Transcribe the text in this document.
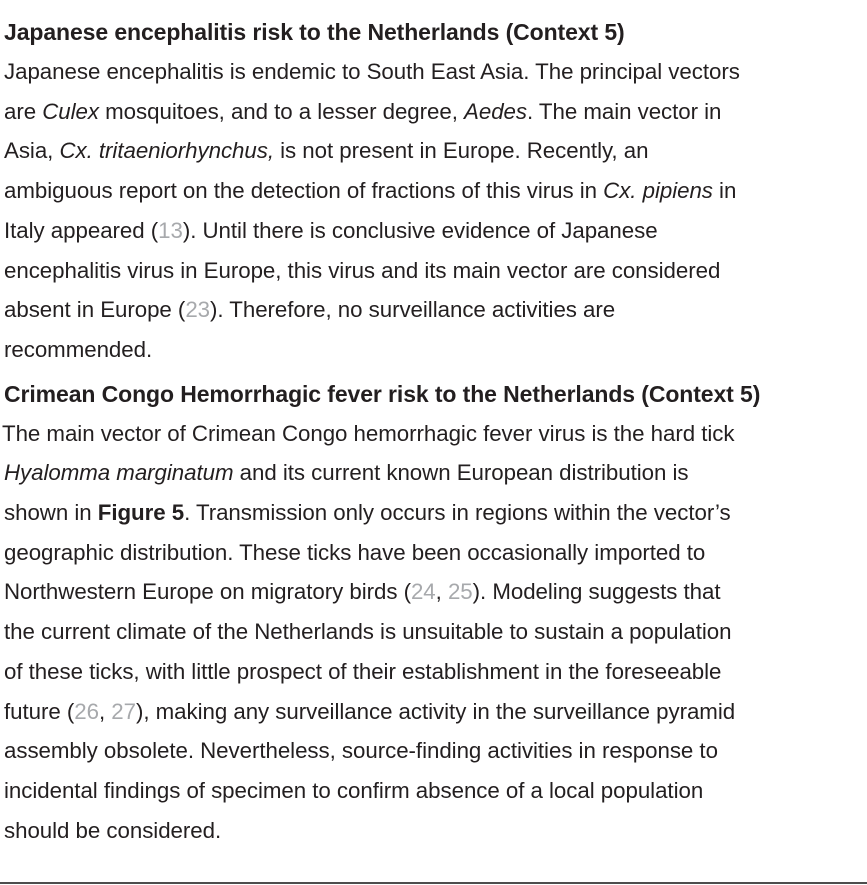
Japanese encephalitis risk to the Netherlands (Context 5)

Japanese encephalitis is endemic to South East Asia. The principal vectors
are Culex mosquitoes, and to a lesser degree, Aedes. The main vector in
Asia, Cx. tritaeniorhynchus, is not present in Europe. Recently, an
ambiguous report on the detection of fractions of this virus in Cx. pipiens in
Italy appeared (13). Until there is conclusive evidence of Japanese
encephalitis virus in Europe, this virus and its main vector are considered
absent in Europe (23). Therefore, no surveillance activities are
recommended.

Crimean Congo Hemorrhagic fever risk to the Netherlands (Context 5)

The main vector of Crimean Congo hemorrhagic fever virus is the hard tick
Hyalomma marginatum and its current known European distribution is
shown in Figure 5. Transmission only occurs in regions within the vector’s
geographic distribution. These ticks have been occasionally imported to
Northwestern Europe on migratory birds (24, 25). Modeling suggests that
the current climate of the Netherlands is unsuitable to sustain a population
of these ticks, with little prospect of their establishment in the foreseeable
future (26, 27), making any surveillance activity in the surveillance pyramid
assembly obsolete. Nevertheless, source-finding activities in response to
incidental findings of specimen to confirm absence of a local population
should be considered.
